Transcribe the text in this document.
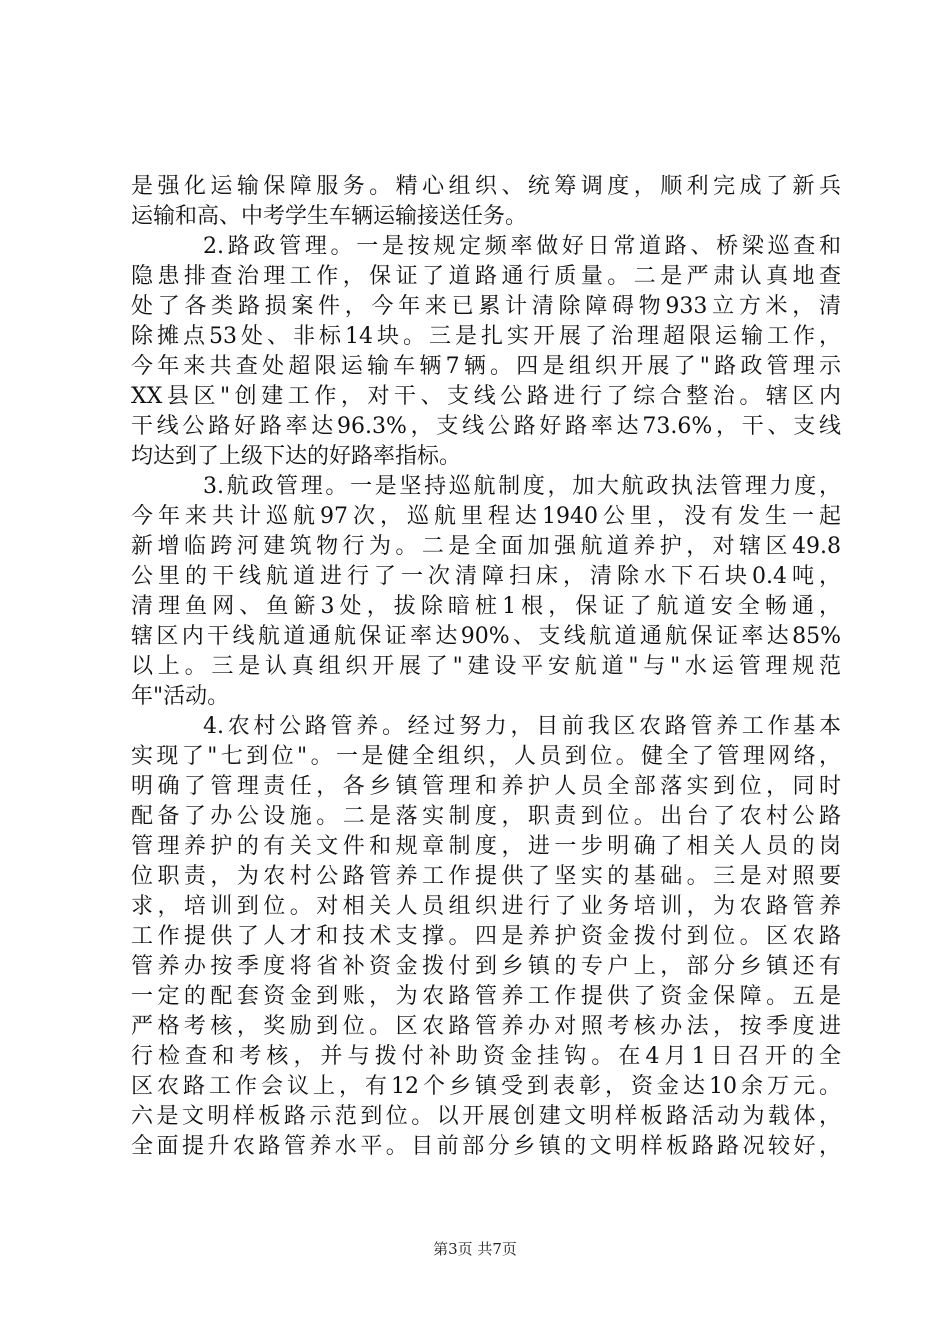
是强化运输保障服务。精心组织、统筹调度，顺利完成了新兵
运输和高、中考学生车辆运输接送任务。
2.路政管理。一是按规定频率做好日常道路、桥梁巡查和
隐患排查治理工作，保证了道路通行质量。二是严肃认真地查
处了各类路损案件，今年来已累计清除障碍物933立方米，清
除摊点53处、非标14块。三是扎实开展了治理超限运输工作，
今年来共查处超限运输车辆7辆。四是组织开展了"路政管理示
XX县区"创建工作，对干、支线公路进行了综合整治。辖区内
干线公路好路率达96.3%，支线公路好路率达73.6%，干、支线
均达到了上级下达的好路率指标。
3.航政管理。一是坚持巡航制度，加大航政执法管理力度，
今年来共计巡航97次，巡航里程达1940公里，没有发生一起
新增临跨河建筑物行为。二是全面加强航道养护，对辖区49.8
公里的干线航道进行了一次清障扫床，清除水下石块0.4吨，
清理鱼网、鱼簖3处，拔除暗桩1根，保证了航道安全畅通，
辖区内干线航道通航保证率达90%、支线航道通航保证率达85%
以上。三是认真组织开展了"建设平安航道"与"水运管理规范
年"活动。
4.农村公路管养。经过努力，目前我区农路管养工作基本
实现了"七到位"。一是健全组织，人员到位。健全了管理网络，
明确了管理责任，各乡镇管理和养护人员全部落实到位，同时
配备了办公设施。二是落实制度，职责到位。出台了农村公路
管理养护的有关文件和规章制度，进一步明确了相关人员的岗
位职责，为农村公路管养工作提供了坚实的基础。三是对照要
求，培训到位。对相关人员组织进行了业务培训，为农路管养
工作提供了人才和技术支撑。四是养护资金拨付到位。区农路
管养办按季度将省补资金拨付到乡镇的专户上，部分乡镇还有
一定的配套资金到账，为农路管养工作提供了资金保障。五是
严格考核，奖励到位。区农路管养办对照考核办法，按季度进
行检查和考核，并与拨付补助资金挂钩。在4月1日召开的全
区农路工作会议上，有12个乡镇受到表彰，资金达10余万元。
六是文明样板路示范到位。以开展创建文明样板路活动为载体，
全面提升农路管养水平。目前部分乡镇的文明样板路路况较好，
第3页 共7页
